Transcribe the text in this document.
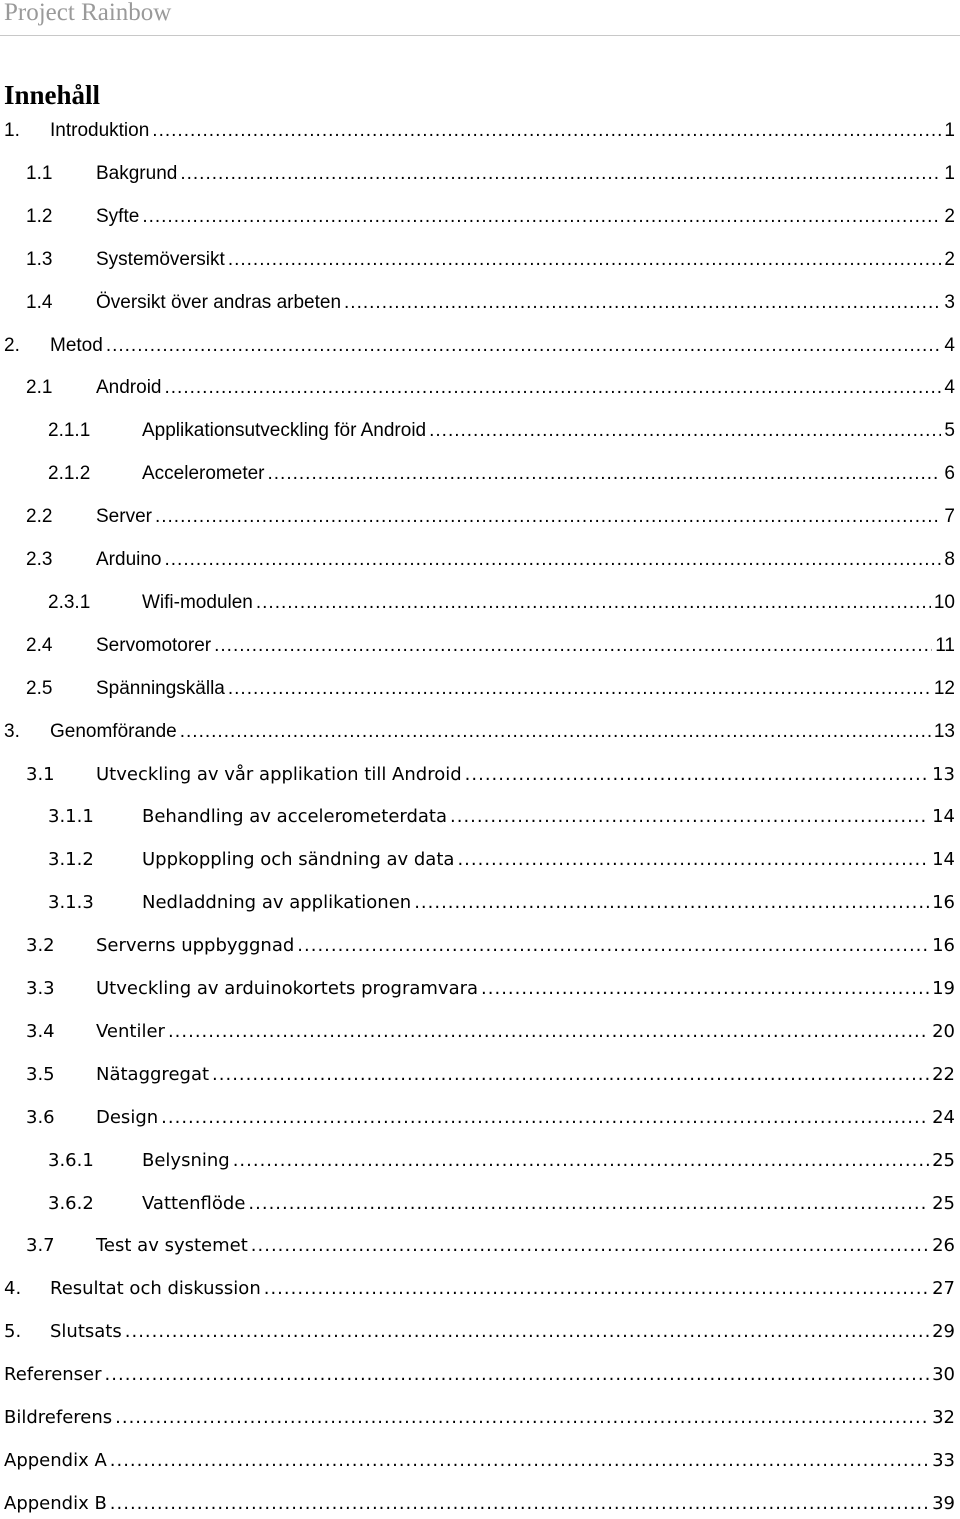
Project Rainbow
Innehåll
1.	Introduktion .....	1
1.1	Bakgrund .....	1
1.2	Syfte .....	2
1.3	Systemöversikt .....	2
1.4	Översikt över andras arbeten .....	3
2.	Metod .....	4
2.1	Android .....	4
2.1.1	Applikationsutveckling för Android .....	5
2.1.2	Accelerometer .....	6
2.2	Server .....	7
2.3	Arduino .....	8
2.3.1	Wifi-modulen .....	10
2.4	Servomotorer .....	11
2.5	Spänningskälla .....	12
3.	Genomförande .....	13
3.1	Utveckling av vår applikation till Android .....	13
3.1.1	Behandling av accelerometerdata .....	14
3.1.2	Uppkoppling och sändning av data .....	14
3.1.3	Nedladdning av applikationen .....	16
3.2	Serverns uppbyggnad .....	16
3.3	Utveckling av arduinokortets programvara .....	19
3.4	Ventiler .....	20
3.5	Nätaggregat .....	22
3.6	Design .....	24
3.6.1	Belysning .....	25
3.6.2	Vattenflöde .....	25
3.7	Test av systemet .....	26
4.	Resultat och diskussion .....	27
5.	Slutsats .....	29
Referenser .....	30
Bildreferens .....	32
Appendix A .....	33
Appendix B .....	39
